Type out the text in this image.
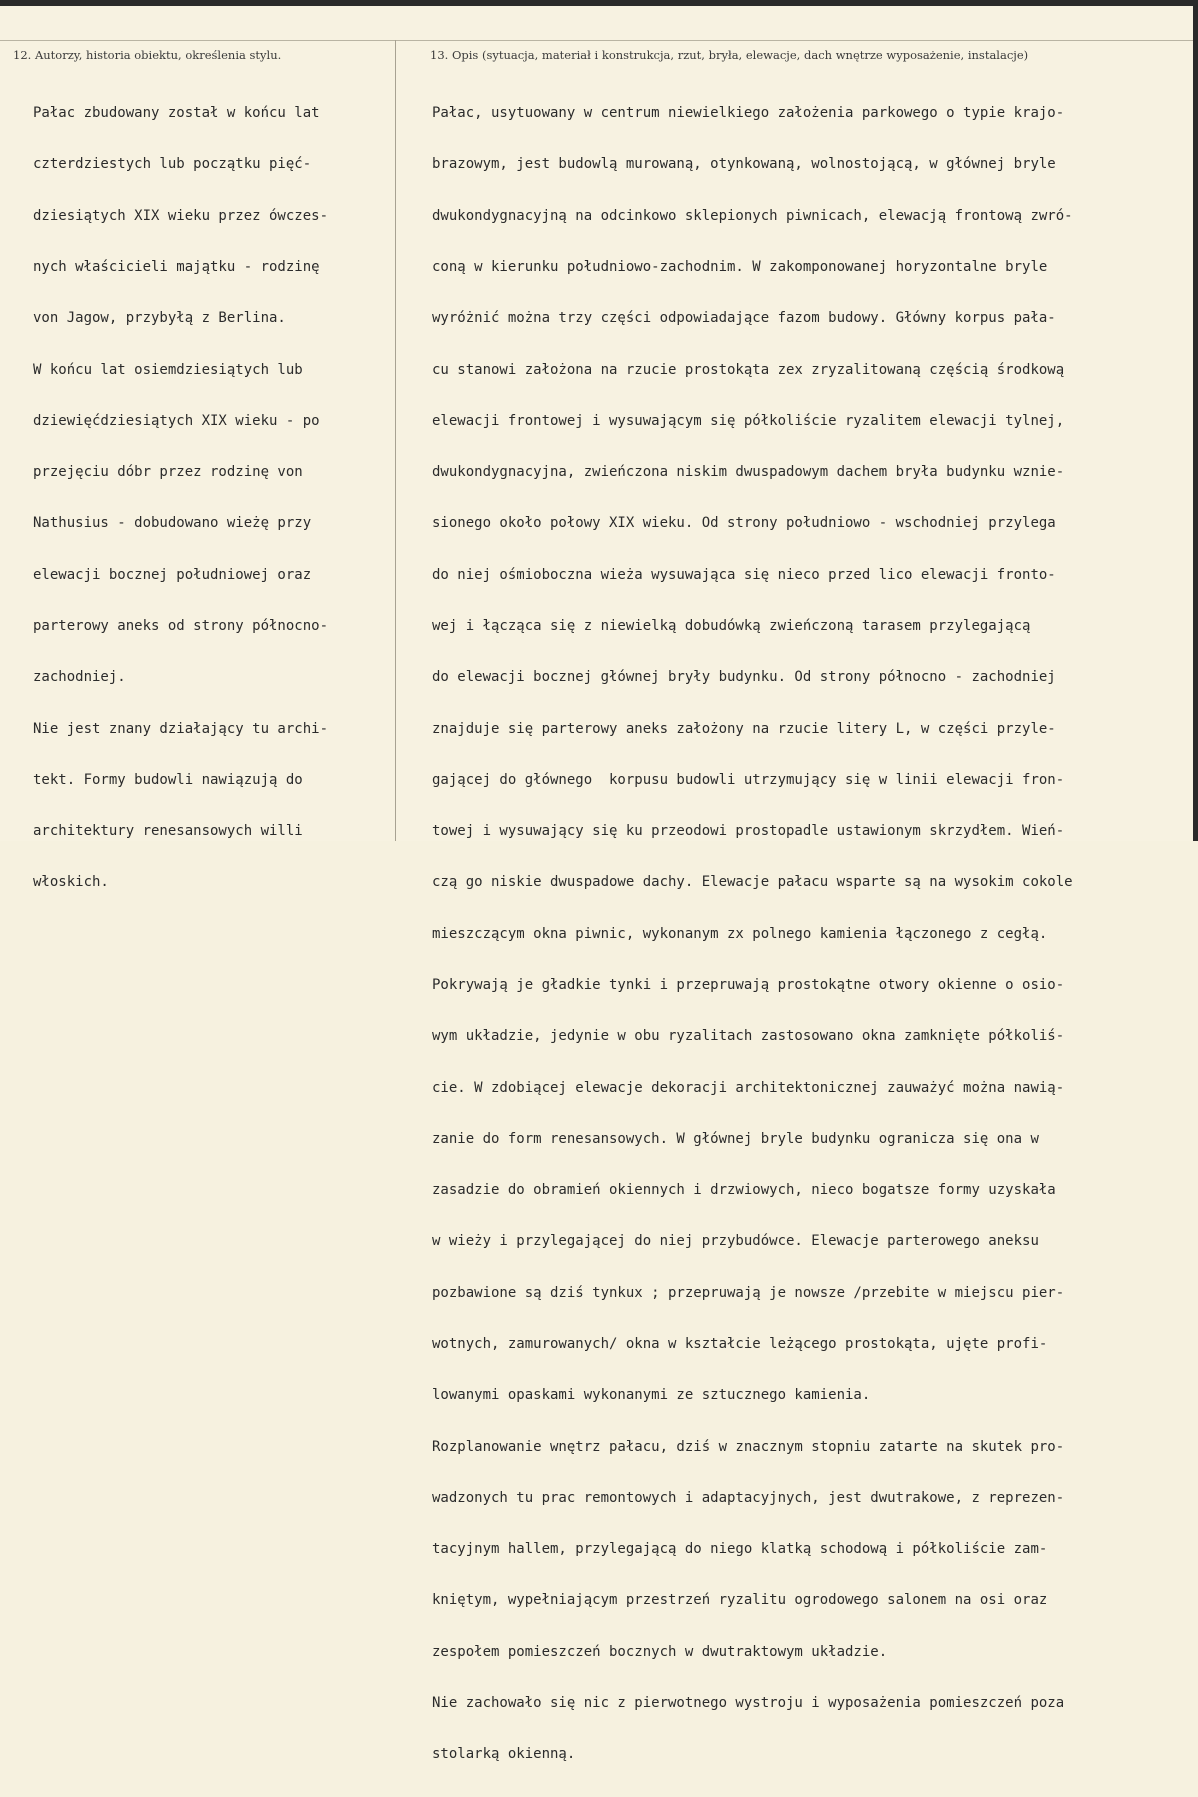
12. Autorzy, historia obiektu, określenia stylu.	13. Opis (sytuacja, materiał i konstrukcja, rzut, bryła, elewacje, dach wnętrze wyposażenie, instalacje)

Pałac zbudowany został w końcu lat

czterdziestych lub początku pięć-

dziesiątych XIX wieku przez ówczes-

nych właścicieli majątku - rodzinę

von Jagow, przybyłą z Berlina.

W końcu lat osiemdziesiątych lub

dziewięćdziesiątych XIX wieku - po

przejęciu dóbr przez rodzinę von

Nathusius - dobudowano wieżę przy

elewacji bocznej południowej oraz

parterowy aneks od strony północno-

zachodniej.

Nie jest znany działający tu archi-

tekt. Formy budowli nawiązują do

architektury renesansowych willi

włoskich.

Pałac, usytuowany w centrum niewielkiego założenia parkowego o typie krajo-

brazowym, jest budowlą murowaną, otynkowaną, wolnostojącą, w głównej bryle

dwukondygnacyjną na odcinkowo sklepionych piwnicach, elewacją frontową zwró-

coną w kierunku południowo-zachodnim. W zakomponowanej horyzontalne bryle

wyróżnić można trzy części odpowiadające fazom budowy. Główny korpus pała-

cu stanowi założona na rzucie prostokąta zex zryzalitowaną częścią środkową

elewacji frontowej i wysuwającym się półkoliście ryzalitem elewacji tylnej,

dwukondygnacyjna, zwieńczona niskim dwuspadowym dachem bryła budynku wznie-

sionego około połowy XIX wieku. Od strony południowo - wschodniej przylega

do niej ośmioboczna wieża wysuwająca się nieco przed lico elewacji fronto-

wej i łącząca się z niewielką dobudówką zwieńczoną tarasem przylegającą

do elewacji bocznej głównej bryły budynku. Od strony północno - zachodniej

znajduje się parterowy aneks założony na rzucie litery L, w części przyle-

gającej do głównego  korpusu budowli utrzymujący się w linii elewacji fron-

towej i wysuwający się ku przeodowi prostopadle ustawionym skrzydłem. Wień-

czą go niskie dwuspadowe dachy. Elewacje pałacu wsparte są na wysokim cokole

mieszczącym okna piwnic, wykonanym zx polnego kamienia łączonego z cegłą.

Pokrywają je gładkie tynki i przepruwają prostokątne otwory okienne o osio-

wym układzie, jedynie w obu ryzalitach zastosowano okna zamknięte półkoliś-

cie. W zdobiącej elewacje dekoracji architektonicznej zauważyć można nawią-

zanie do form renesansowych. W głównej bryle budynku ogranicza się ona w

zasadzie do obramień okiennych i drzwiowych, nieco bogatsze formy uzyskała

w wieży i przylegającej do niej przybudówce. Elewacje parterowego aneksu

pozbawione są dziś tynkux ; przepruwają je nowsze /przebite w miejscu pier-

wotnych, zamurowanych/ okna w kształcie leżącego prostokąta, ujęte profi-

lowanymi opaskami wykonanymi ze sztucznego kamienia.

Rozplanowanie wnętrz pałacu, dziś w znacznym stopniu zatarte na skutek pro-

wadzonych tu prac remontowych i adaptacyjnych, jest dwutrakowe, z reprezen-

tacyjnym hallem, przylegającą do niego klatką schodową i półkoliście zam-

kniętym, wypełniającym przestrzeń ryzalitu ogrodowego salonem na osi oraz

zespołem pomieszczeń bocznych w dwutraktowym układzie.

Nie zachowało się nic z pierwotnego wystroju i wyposażenia pomieszczeń poza

stolarką okienną.
